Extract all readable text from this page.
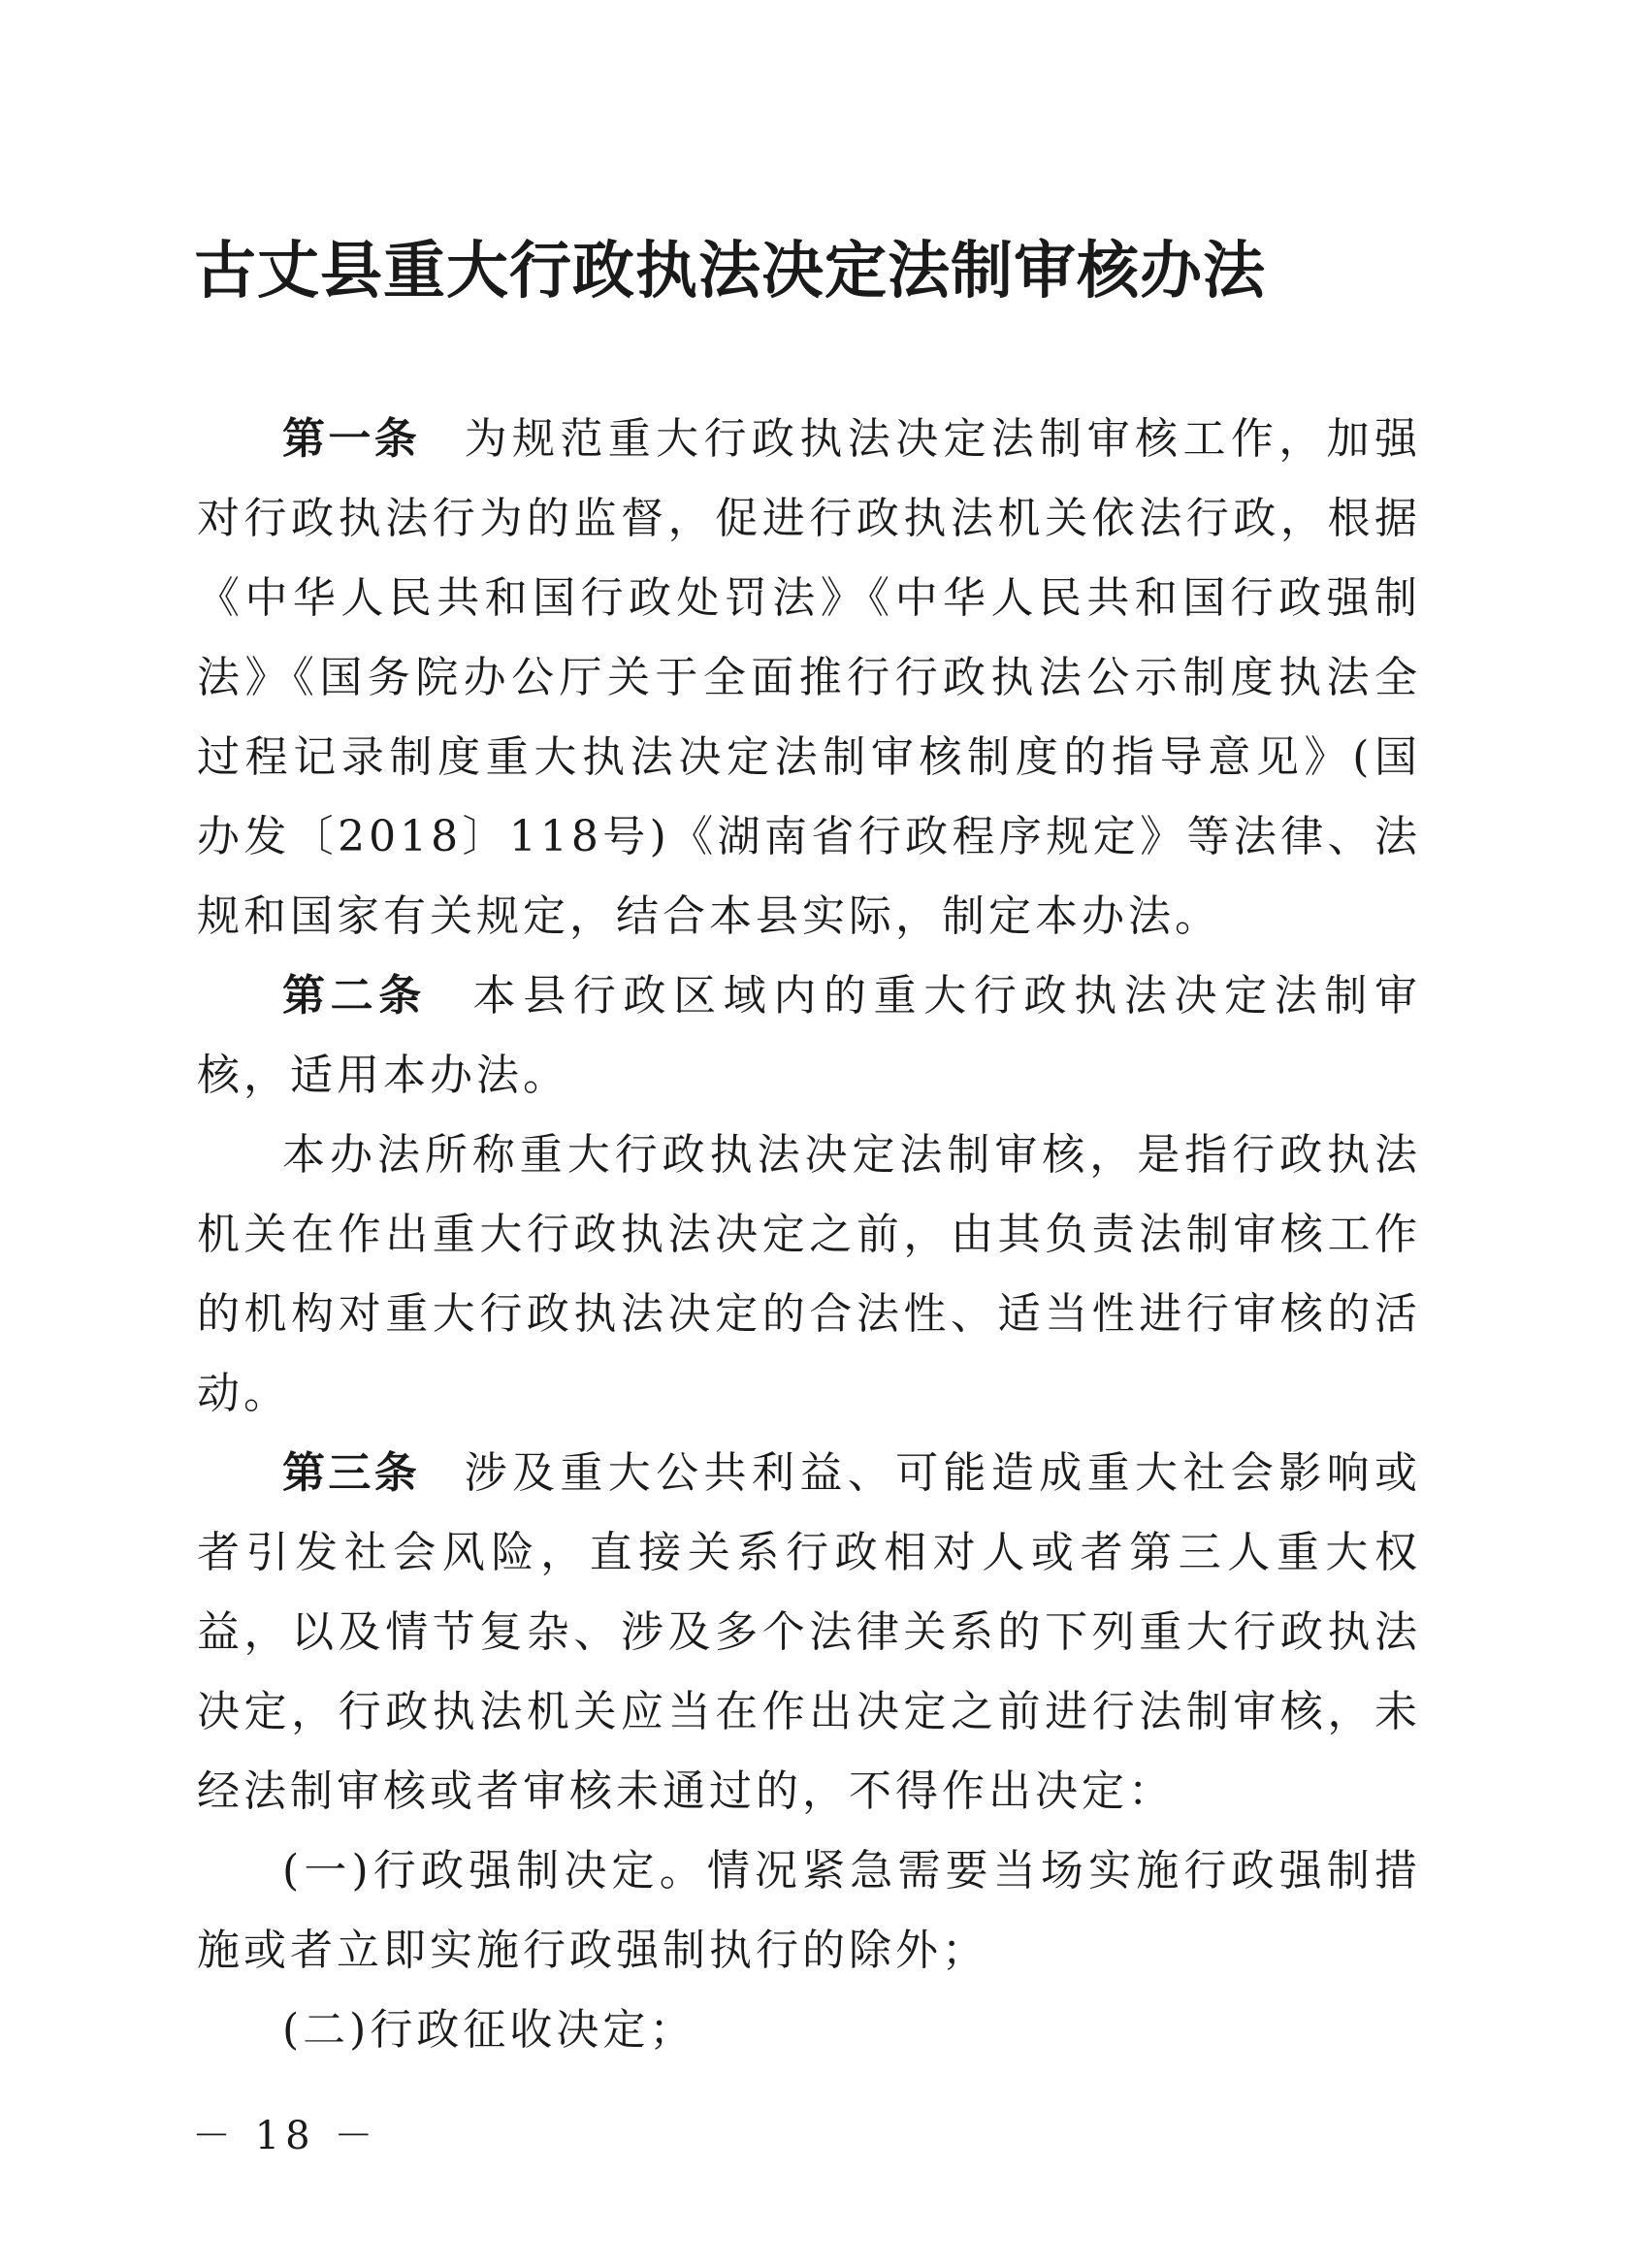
古丈县重大行政执法决定法制审核办法

第一条 为规范重大行政执法决定法制审核工作，加强对行政执法行为的监督，促进行政执法机关依法行政，根据《中华人民共和国行政处罚法》《中华人民共和国行政强制法》《国务院办公厅关于全面推行行政执法公示制度执法全过程记录制度重大执法决定法制审核制度的指导意见》(国办发〔2018〕118号)《湖南省行政程序规定》等法律、法规和国家有关规定，结合本县实际，制定本办法。

第二条 本县行政区域内的重大行政执法决定法制审核，适用本办法。

本办法所称重大行政执法决定法制审核，是指行政执法机关在作出重大行政执法决定之前，由其负责法制审核工作的机构对重大行政执法决定的合法性、适当性进行审核的活动。

第三条 涉及重大公共利益、可能造成重大社会影响或者引发社会风险，直接关系行政相对人或者第三人重大权益，以及情节复杂、涉及多个法律关系的下列重大行政执法决定，行政执法机关应当在作出决定之前进行法制审核，未经法制审核或者审核未通过的，不得作出决定：

(一)行政强制决定。情况紧急需要当场实施行政强制措施或者立即实施行政强制执行的除外；

(二)行政征收决定；

－ 18 －
